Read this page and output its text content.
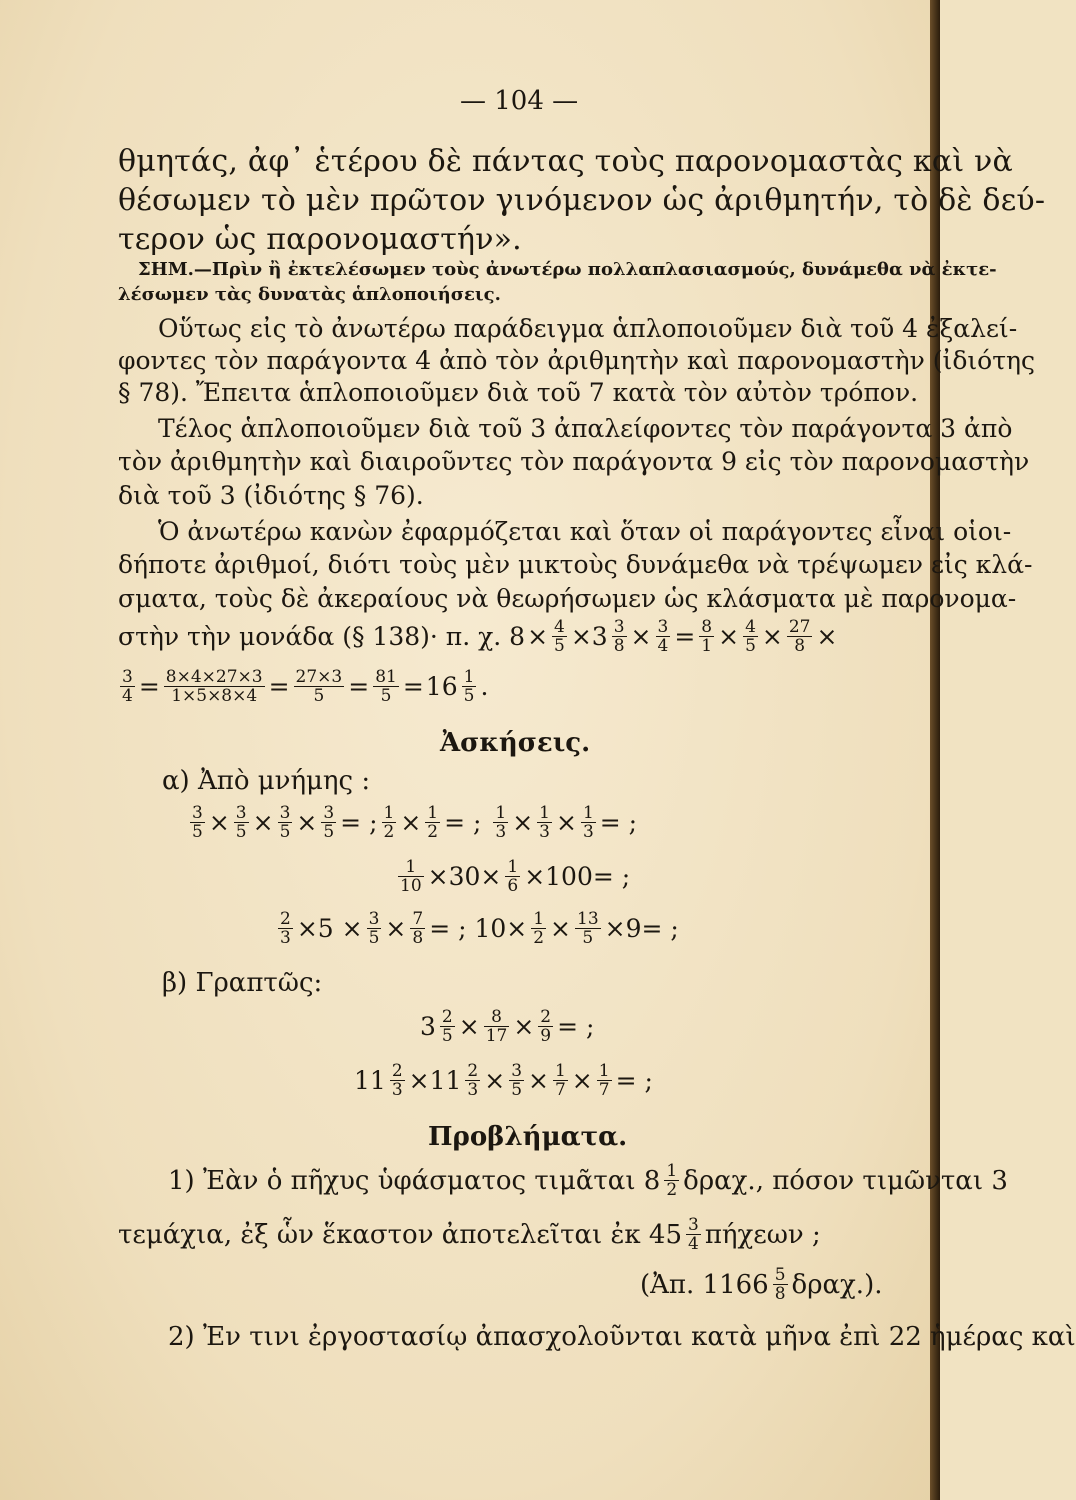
— 104 —
θμητάς, ἀφ᾿ ἑτέρου δὲ πάντας τοὺς παρονομαστὰς καὶ νὰ
θέσωμεν τὸ μὲν πρῶτον γινόμενον ὡς ἀριθμητήν, τὸ δὲ δεύ-
τερον ὡς παρονομαστήν».
ΣΗΜ.—Πρὶν ἢ ἐκτελέσωμεν τοὺς ἀνωτέρω πολλαπλασιασμούς, δυνάμεθα νὰ ἐκτε-
λέσωμεν τὰς δυνατὰς ἁπλοποιήσεις.
Οὕτως εἰς τὸ ἀνωτέρω παράδειγμα ἁπλοποιοῦμεν διὰ τοῦ 4 ἐξαλεί-
φοντες τὸν παράγοντα 4 ἀπὸ τὸν ἀριθμητὴν καὶ παρονομαστὴν (ἰδιότης
§ 78). Ἔπειτα ἁπλοποιοῦμεν διὰ τοῦ 7 κατὰ τὸν αὐτὸν τρόπον.
Τέλος ἁπλοποιοῦμεν διὰ τοῦ 3 ἀπαλείφοντες τὸν παράγοντα 3 ἀπὸ
τὸν ἀριθμητὴν καὶ διαιροῦντες τὸν παράγοντα 9 εἰς τὸν παρονομαστὴν
διὰ τοῦ 3 (ἰδιότης § 76).
Ὁ ἀνωτέρω κανὼν ἐφαρμόζεται καὶ ὅταν οἱ παράγοντες εἶναι οἱοι-
δήποτε ἀριθμοί, διότι τοὺς μὲν μικτοὺς δυνάμεθα νὰ τρέψωμεν εἰς κλά-
σματα, τοὺς δὲ ἀκεραίους νὰ θεωρήσωμεν ὡς κλάσματα μὲ παρονομα-
στὴν τὴν μονάδα (§ 138)· π. χ. $8 \times \frac{4}{5} \times 3 \frac{3}{8} \times \frac{3}{4} = \frac{8}{1} \times \frac{4}{5} \times \frac{27}{8}$ ×
$\frac{3}{4} = \frac{8\times 4\times 27\times 3}{1\times 5\times 8\times 4} = \frac{27\times 3}{5} = \frac{81}{5} = 16 \frac{1}{5}$ .
Ἀσκήσεις.
α) Ἀπὸ μνήμης :
$\frac{3}{5} \times \frac{3}{5} \times \frac{3}{5} \times \frac{3}{5}$ = ; $\frac{1}{2} \times \frac{1}{2}$ = ; $\frac{1}{3} \times \frac{1}{3} \times \frac{1}{3}$ = ;
$\frac{1}{10} \times 30\times \frac{1}{6} \times 100=$ ;
$\frac{2}{3} \times 5 \times \frac{3}{5} \times \frac{7}{8}$ = ; $10\times \frac{1}{2} \times \frac{13}{5} \times 9=$ ;
β) Γραπτῶς:
$3 \frac{2}{5} \times \frac{8}{17} \times \frac{2}{9}$ = ;
$11 \frac{2}{3} \times 11 \frac{2}{3} \times \frac{3}{5} \times \frac{1}{7} \times \frac{1}{7}$ = ;
Προβλήματα.
1) Ἐὰν ὁ πῆχυς ὑφάσματος τιμᾶται $8 \frac{1}{2} \delta\rho\alpha\chi$., πόσον τιμῶνται 3
τεμάχια, ἐξ ὧν ἕκαστον ἀποτελεῖται ἐκ $45 \frac{3}{4}$ πήχεων ;
(Ἀπ. $1166 \frac{5}{8} \delta\rho\alpha\chi$.).
2) Ἐν τινι ἐργοστασίῳ ἀπασχολοῦνται κατὰ μῆνα ἐπὶ 22 ἡμέρας καὶ
